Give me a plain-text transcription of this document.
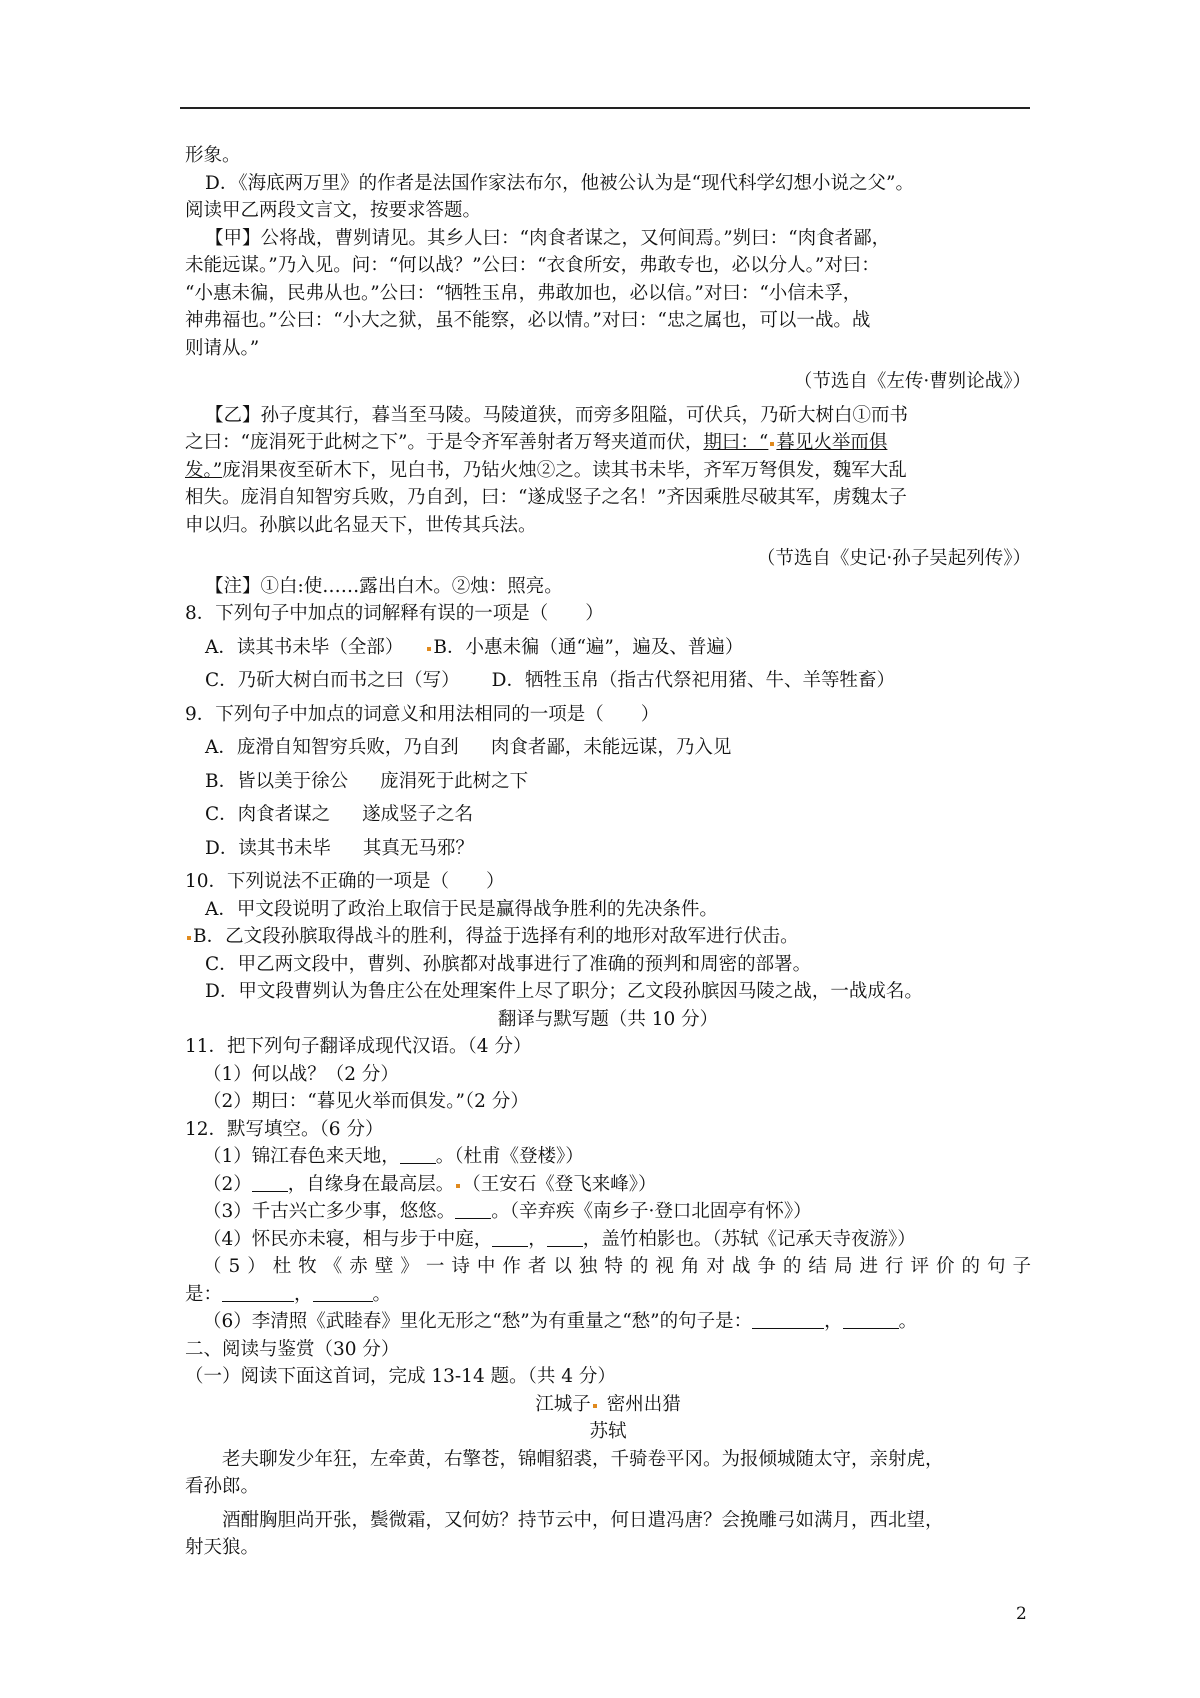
形象。
D．《海底两万里》的作者是法国作家法布尔，他被公认为是“现代科学幻想小说之父”。
阅读甲乙两段文言文，按要求答题。
【甲】公将战，曹刿请见。其乡人曰：“肉食者谋之，又何间焉。”刿曰：“肉食者鄙，
未能远谋。”乃入见。问：“何以战？”公曰：“衣食所安，弗敢专也，必以分人。”对曰：
“小惠未徧，民弗从也。”公曰：“牺牲玉帛，弗敢加也，必以信。”对曰：“小信未孚，
神弗福也。”公曰：“小大之狱，虽不能察，必以情。”对曰：“忠之属也，可以一战。战
则请从。”
（节选自《左传·曹刿论战》）
【乙】孙子度其行，暮当至马陵。马陵道狭，而旁多阻隘，可伏兵，乃斫大树白①而书
之曰：“庞涓死于此树之下”。于是令齐军善射者万弩夹道而伏，期曰：“ 暮见火举而俱
发。”庞涓果夜至斫木下，见白书，乃钻火烛②之。读其书未毕，齐军万弩俱发，魏军大乱
相失。庞涓自知智穷兵败，乃自刭，曰：“遂成竖子之名！”齐因乘胜尽破其军，虏魏太子
申以归。孙膑以此名显天下，世传其兵法。
（节选自《史记·孙子吴起列传》）
【注】①白:使……露出白木。②烛：照亮。
8．下列句子中加点的词解释有误的一项是（　　）
A．读其书未毕（全部） B．小惠未徧（通“遍”，遍及、普遍）
C．乃斫大树白而书之曰（写） D．牺牲玉帛（指古代祭祀用猪、牛、羊等牲畜）
9．下列句子中加点的词意义和用法相同的一项是（　　）
A．庞滑自知智穷兵败，乃自刭 肉食者鄙，未能远谋，乃入见
B．皆以美于徐公 庞涓死于此树之下
C．肉食者谋之 遂成竖子之名
D．读其书未毕 其真无马邪？
10．下列说法不正确的一项是（　　）
A．甲文段说明了政治上取信于民是赢得战争胜利的先决条件。
B．乙文段孙膑取得战斗的胜利，得益于选择有利的地形对敌军进行伏击。
C．甲乙两文段中，曹刿、孙膑都对战事进行了准确的预判和周密的部署。
D．甲文段曹刿认为鲁庄公在处理案件上尽了职分；乙文段孙膑因马陵之战，一战成名。
翻译与默写题（共 10 分）
11．把下列句子翻译成现代汉语。（4 分）
（1）何以战？（2 分）
（2）期曰：“暮见火举而俱发。”（2 分）
12．默写填空。（6 分）
（1）锦江春色来天地， 。（杜甫《登楼》）
（2） ，自缘身在最高层。 （王安石《登飞来峰》）
（3）千古兴亡多少事，悠悠。 。（辛弃疾《南乡子·登口北固亭有怀》）
（4）怀民亦未寝，相与步于中庭， ， ，盖竹柏影也。（苏轼《记承天寺夜游》）
（5）杜牧《赤壁》一诗中作者以独特的视角对战争的结局进行评价的句子
是：	，	。
（6）李清照《武睦春》里化无形之“愁”为有重量之“愁”的句子是：	，	。
二、阅读与鉴赏（30 分）
（一）阅读下面这首词，完成 13-14 题。（共 4 分）
江城子 密州出猎
苏轼
老夫聊发少年狂，左牵黄，右擎苍，锦帽貂裘，千骑卷平冈。为报倾城随太守，亲射虎，
看孙郎。
酒酣胸胆尚开张，鬓微霜，又何妨？持节云中，何日遣冯唐？会挽雕弓如满月，西北望，
射天狼。
2
